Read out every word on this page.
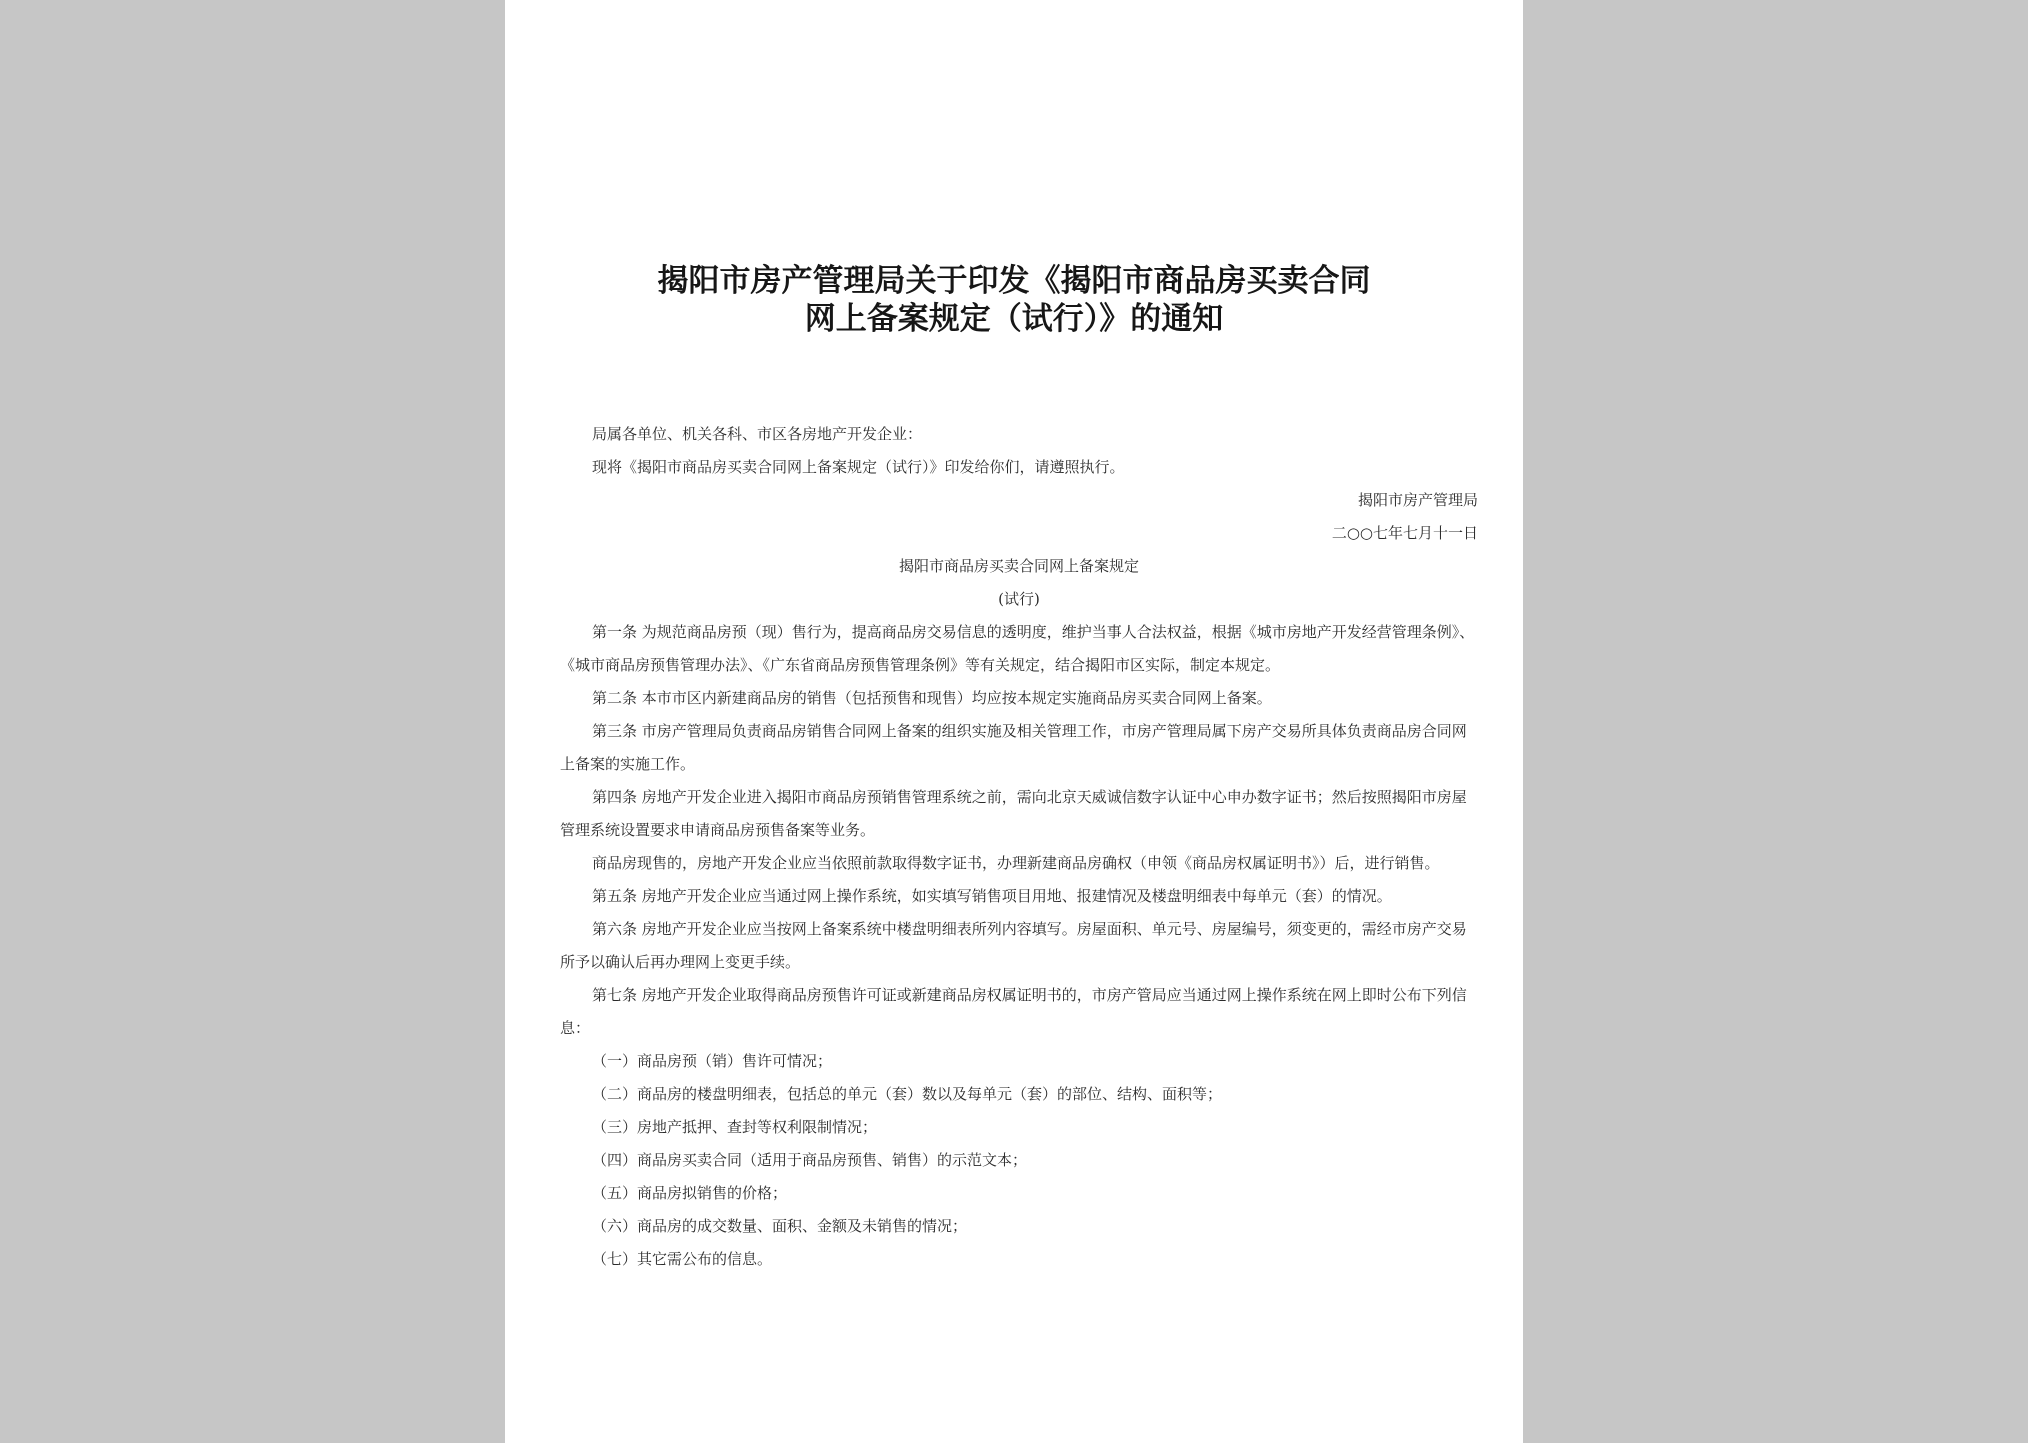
揭阳市房产管理局关于印发《揭阳市商品房买卖合同
网上备案规定（试行）》的通知

局属各单位、机关各科、市区各房地产开发企业：

现将《揭阳市商品房买卖合同网上备案规定（试行）》印发给你们，请遵照执行。

揭阳市房产管理局

二○○七年七月十一日

揭阳市商品房买卖合同网上备案规定

(试行)

第一条 为规范商品房预（现）售行为，提高商品房交易信息的透明度，维护当事人合法权益，根据《城市房地产开发经营管理条例》、《城市商品房预售管理办法》、《广东省商品房预售管理条例》等有关规定，结合揭阳市区实际，制定本规定。

第二条 本市市区内新建商品房的销售（包括预售和现售）均应按本规定实施商品房买卖合同网上备案。

第三条 市房产管理局负责商品房销售合同网上备案的组织实施及相关管理工作，市房产管理局属下房产交易所具体负责商品房合同网上备案的实施工作。

第四条 房地产开发企业进入揭阳市商品房预销售管理系统之前，需向北京天威诚信数字认证中心申办数字证书；然后按照揭阳市房屋管理系统设置要求申请商品房预售备案等业务。

商品房现售的，房地产开发企业应当依照前款取得数字证书，办理新建商品房确权（申领《商品房权属证明书》）后，进行销售。

第五条 房地产开发企业应当通过网上操作系统，如实填写销售项目用地、报建情况及楼盘明细表中每单元（套）的情况。

第六条 房地产开发企业应当按网上备案系统中楼盘明细表所列内容填写。房屋面积、单元号、房屋编号，须变更的，需经市房产交易所予以确认后再办理网上变更手续。

第七条 房地产开发企业取得商品房预售许可证或新建商品房权属证明书的，市房产管局应当通过网上操作系统在网上即时公布下列信息：

（一）商品房预（销）售许可情况；

（二）商品房的楼盘明细表，包括总的单元（套）数以及每单元（套）的部位、结构、面积等；

（三）房地产抵押、查封等权利限制情况；

（四）商品房买卖合同（适用于商品房预售、销售）的示范文本；

（五）商品房拟销售的价格；

（六）商品房的成交数量、面积、金额及未销售的情况；

（七）其它需公布的信息。
